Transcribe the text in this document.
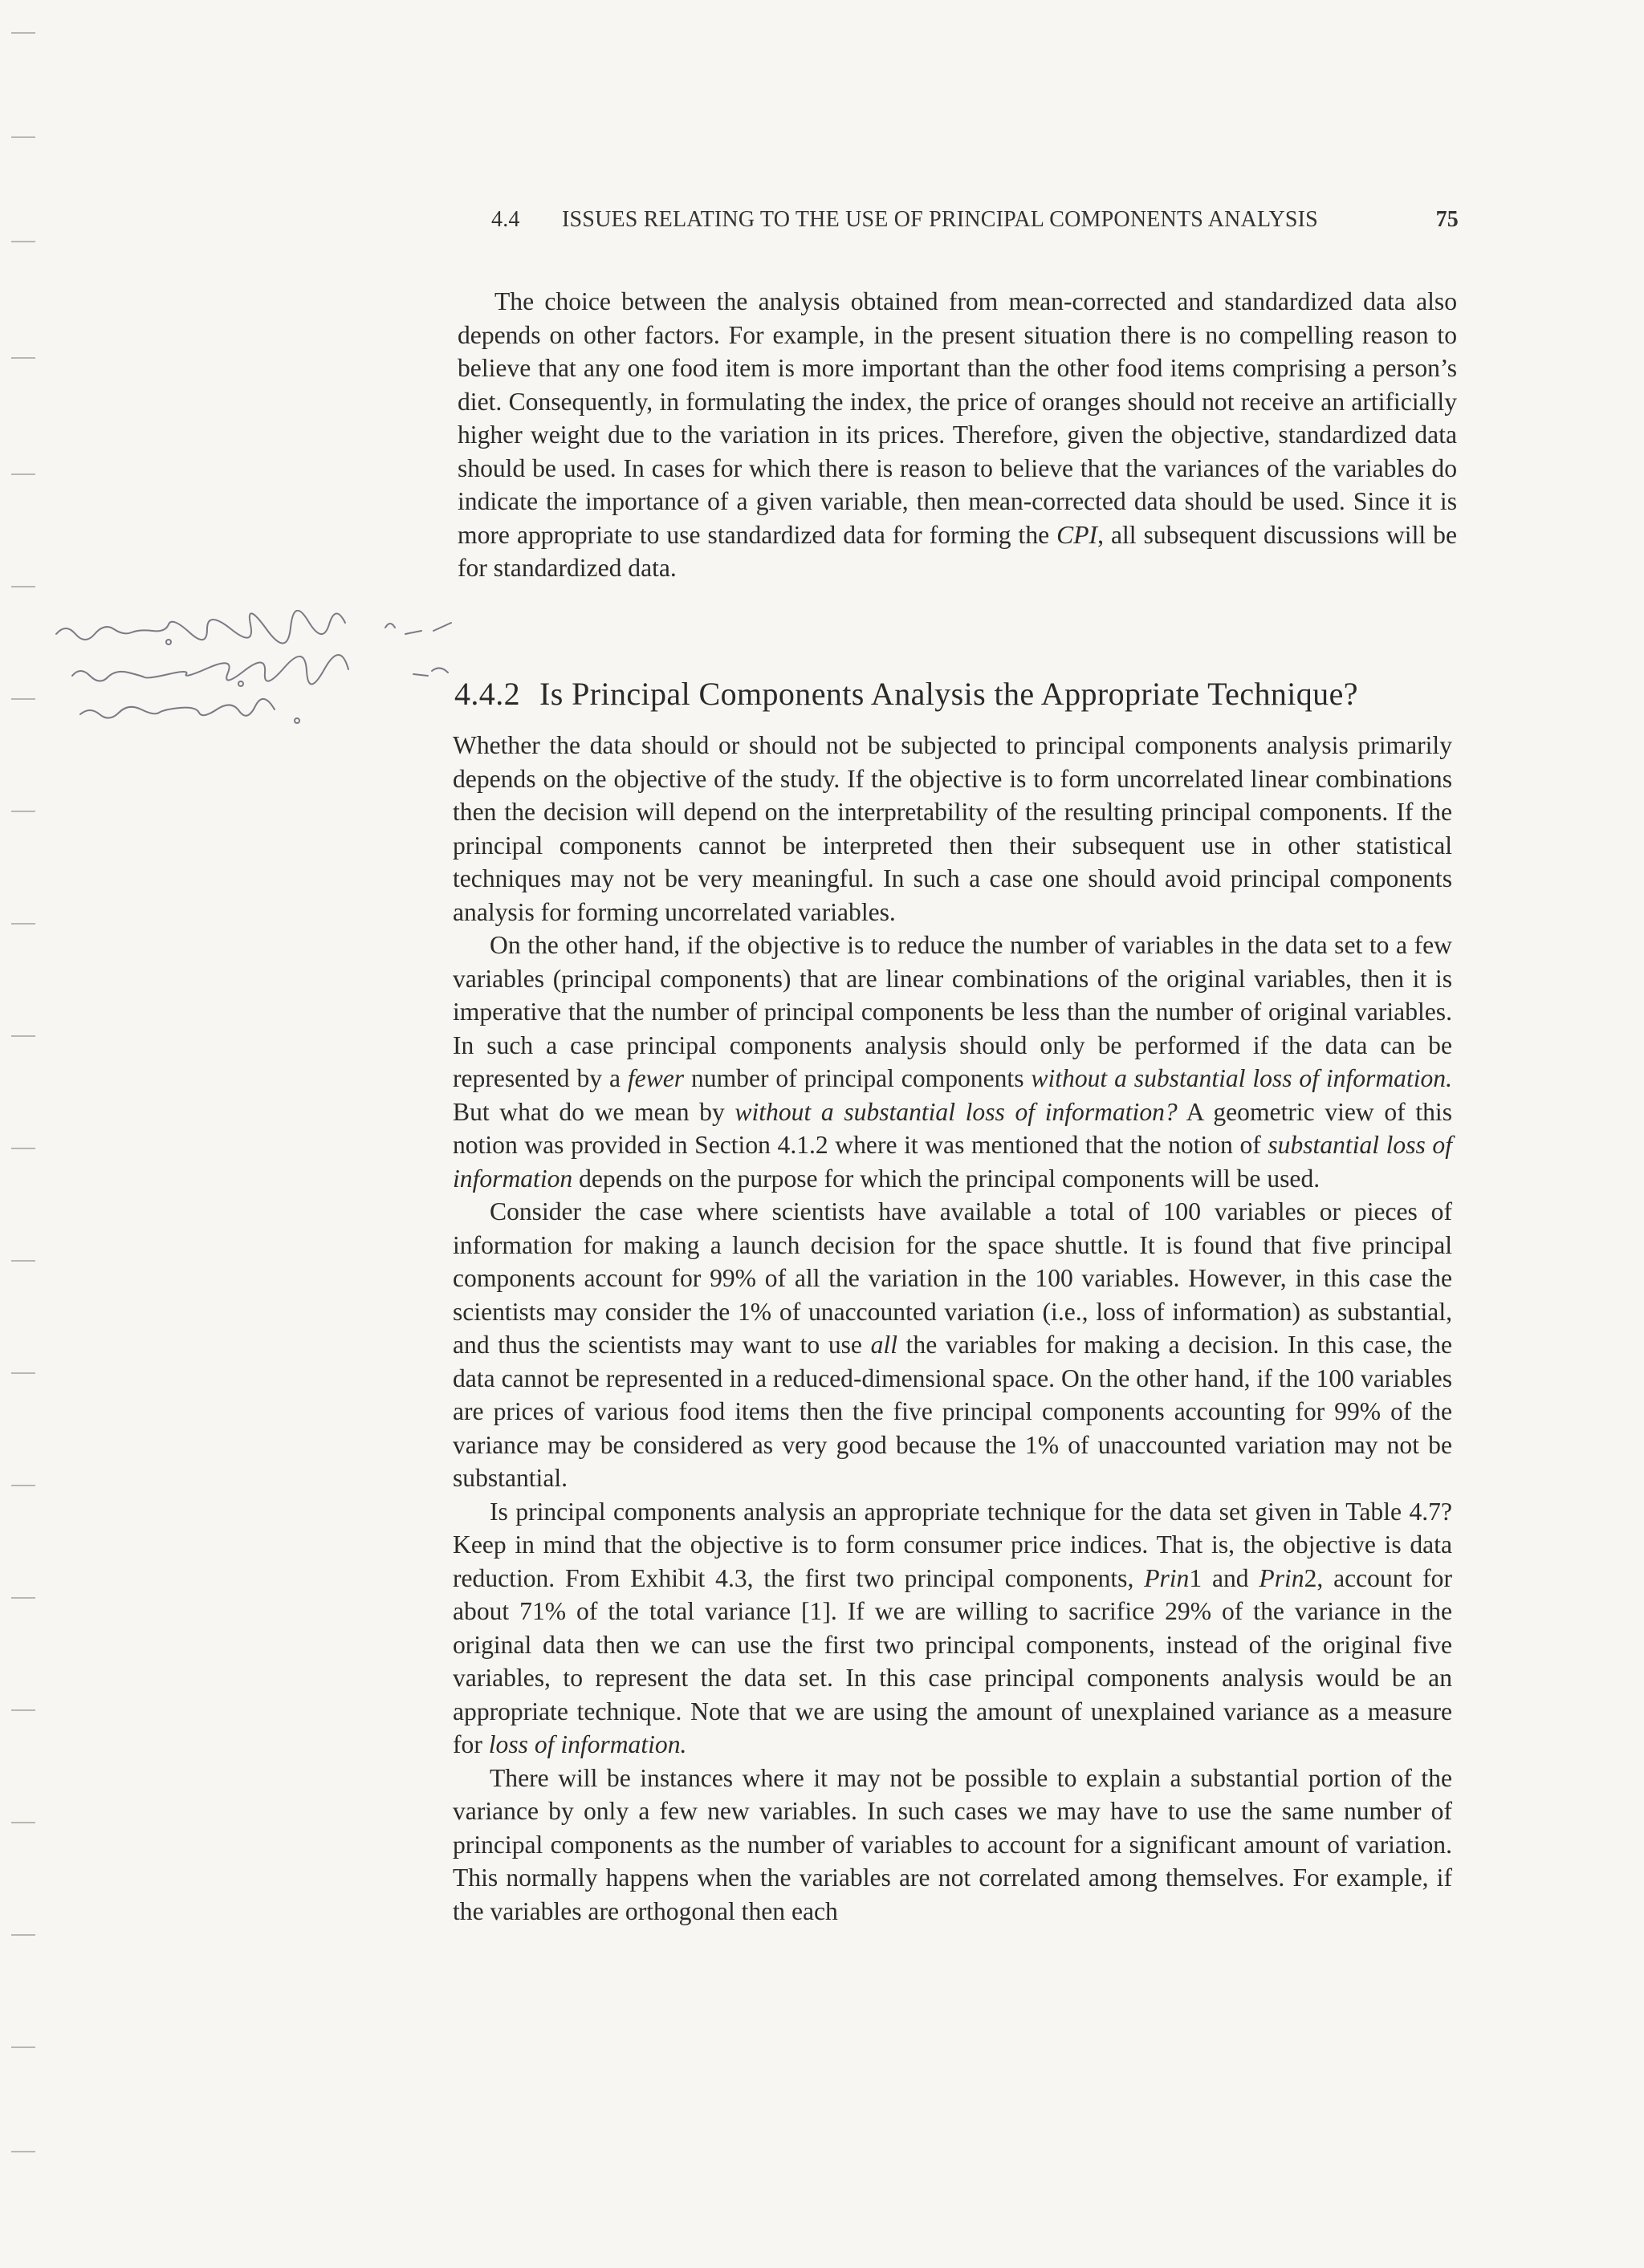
4.4 ISSUES RELATING TO THE USE OF PRINCIPAL COMPONENTS ANALYSIS	75

The choice between the analysis obtained from mean-corrected and standardized data also depends on other factors. For example, in the present situation there is no compelling reason to believe that any one food item is more important than the other food items comprising a person’s diet. Consequently, in formulating the index, the price of oranges should not receive an artificially higher weight due to the variation in its prices. Therefore, given the objective, standardized data should be used. In cases for which there is reason to believe that the variances of the variables do indicate the importance of a given variable, then mean-corrected data should be used. Since it is more appropriate to use standardized data for forming the CPI, all subsequent discussions will be for standardized data.

4.4.2 Is Principal Components Analysis the Appropriate Technique?

Whether the data should or should not be subjected to principal components analysis primarily depends on the objective of the study. If the objective is to form uncorrelated linear combinations then the decision will depend on the interpretability of the resulting principal components. If the principal components cannot be interpreted then their subsequent use in other statistical techniques may not be very meaningful. In such a case one should avoid principal components analysis for forming uncorrelated variables.

On the other hand, if the objective is to reduce the number of variables in the data set to a few variables (principal components) that are linear combinations of the original variables, then it is imperative that the number of principal components be less than the number of original variables. In such a case principal components analysis should only be performed if the data can be represented by a fewer number of principal components without a substantial loss of information. But what do we mean by without a substantial loss of information? A geometric view of this notion was provided in Section 4.1.2 where it was mentioned that the notion of substantial loss of information depends on the purpose for which the principal components will be used.

Consider the case where scientists have available a total of 100 variables or pieces of information for making a launch decision for the space shuttle. It is found that five principal components account for 99% of all the variation in the 100 variables. However, in this case the scientists may consider the 1% of unaccounted variation (i.e., loss of information) as substantial, and thus the scientists may want to use all the variables for making a decision. In this case, the data cannot be represented in a reduced-dimensional space. On the other hand, if the 100 variables are prices of various food items then the five principal components accounting for 99% of the variance may be considered as very good because the 1% of unaccounted variation may not be substantial.

Is principal components analysis an appropriate technique for the data set given in Table 4.7? Keep in mind that the objective is to form consumer price indices. That is, the objective is data reduction. From Exhibit 4.3, the first two principal components, Prin1 and Prin2, account for about 71% of the total variance [1]. If we are willing to sacrifice 29% of the variance in the original data then we can use the first two principal components, instead of the original five variables, to represent the data set. In this case principal components analysis would be an appropriate technique. Note that we are using the amount of unexplained variance as a measure for loss of information.

There will be instances where it may not be possible to explain a substantial portion of the variance by only a few new variables. In such cases we may have to use the same number of principal components as the number of variables to account for a significant amount of variation. This normally happens when the variables are not correlated among themselves. For example, if the variables are orthogonal then each
